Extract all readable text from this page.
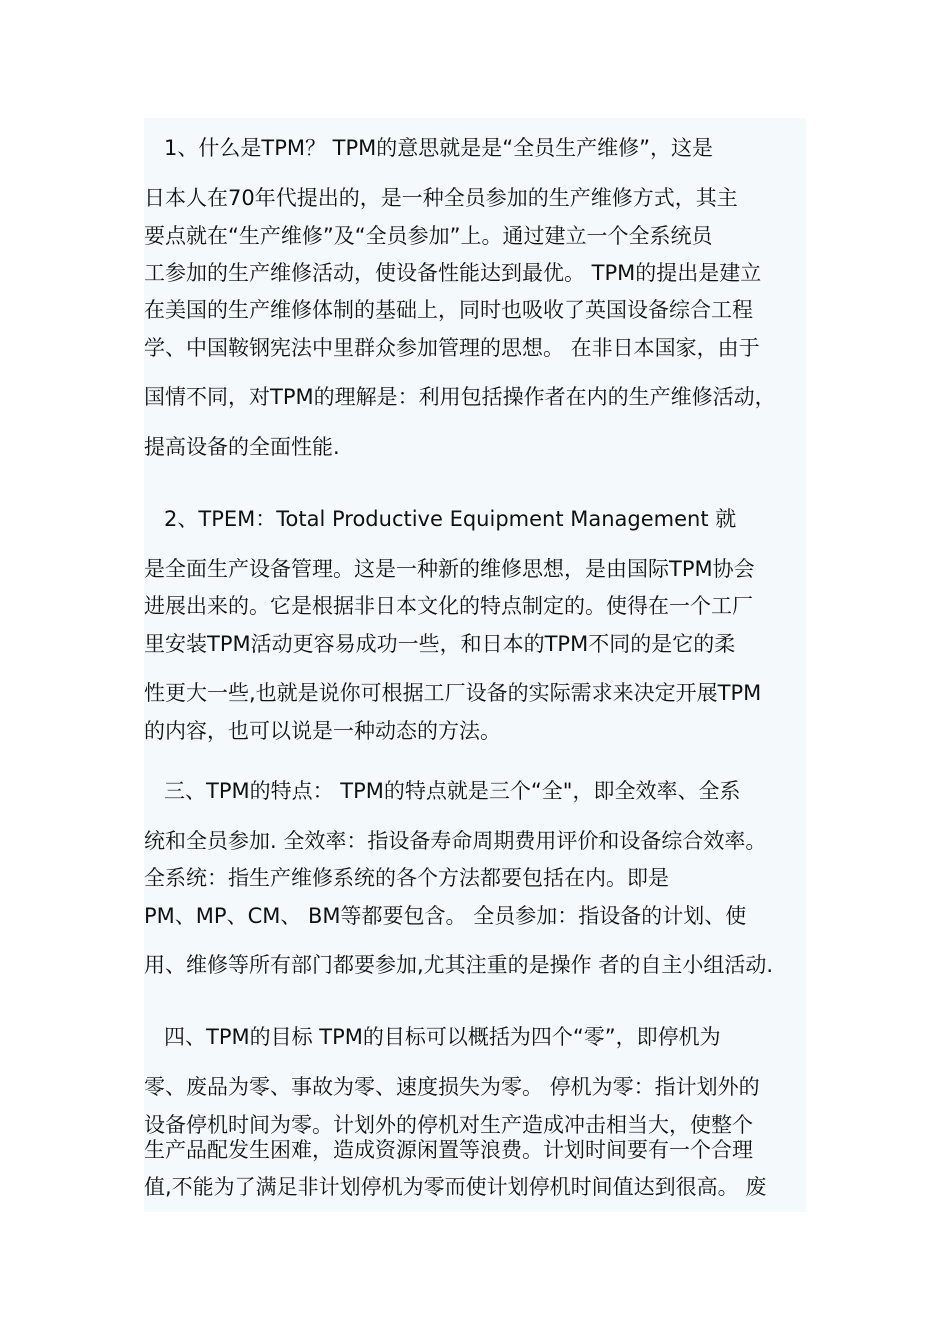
1、什么是TPM？ TPM的意思就是是“全员生产维修”，这是
日本人在70年代提出的，是一种全员参加的生产维修方式，其主
要点就在“生产维修”及“全员参加”上。通过建立一个全系统员
工参加的生产维修活动，使设备性能达到最优。 TPM的提出是建立
在美国的生产维修体制的基础上，同时也吸收了英国设备综合工程
学、中国鞍钢宪法中里群众参加管理的思想。 在非日本国家，由于
国情不同，对TPM的理解是：利用包括操作者在内的生产维修活动，
提高设备的全面性能.
2、TPEM：Total Productive Equipment Management 就
是全面生产设备管理。这是一种新的维修思想，是由国际TPM协会
进展出来的。它是根据非日本文化的特点制定的。使得在一个工厂
里安装TPM活动更容易成功一些，和日本的TPM不同的是它的柔
性更大一些,也就是说你可根据工厂设备的实际需求来决定开展TPM
的内容，也可以说是一种动态的方法。
三、TPM的特点： TPM的特点就是三个“全"，即全效率、全系
统和全员参加. 全效率：指设备寿命周期费用评价和设备综合效率。
全系统：指生产维修系统的各个方法都要包括在内。即是
PM、MP、CM、 BM等都要包含。 全员参加：指设备的计划、使
用、维修等所有部门都要参加,尤其注重的是操作 者的自主小组活动.
四、TPM的目标 TPM的目标可以概括为四个“零”，即停机为
零、废品为零、事故为零、速度损失为零。 停机为零：指计划外的
设备停机时间为零。计划外的停机对生产造成冲击相当大，使整个
生产品配发生困难，造成资源闲置等浪费。计划时间要有一个合理
值,不能为了满足非计划停机为零而使计划停机时间值达到很高。 废
